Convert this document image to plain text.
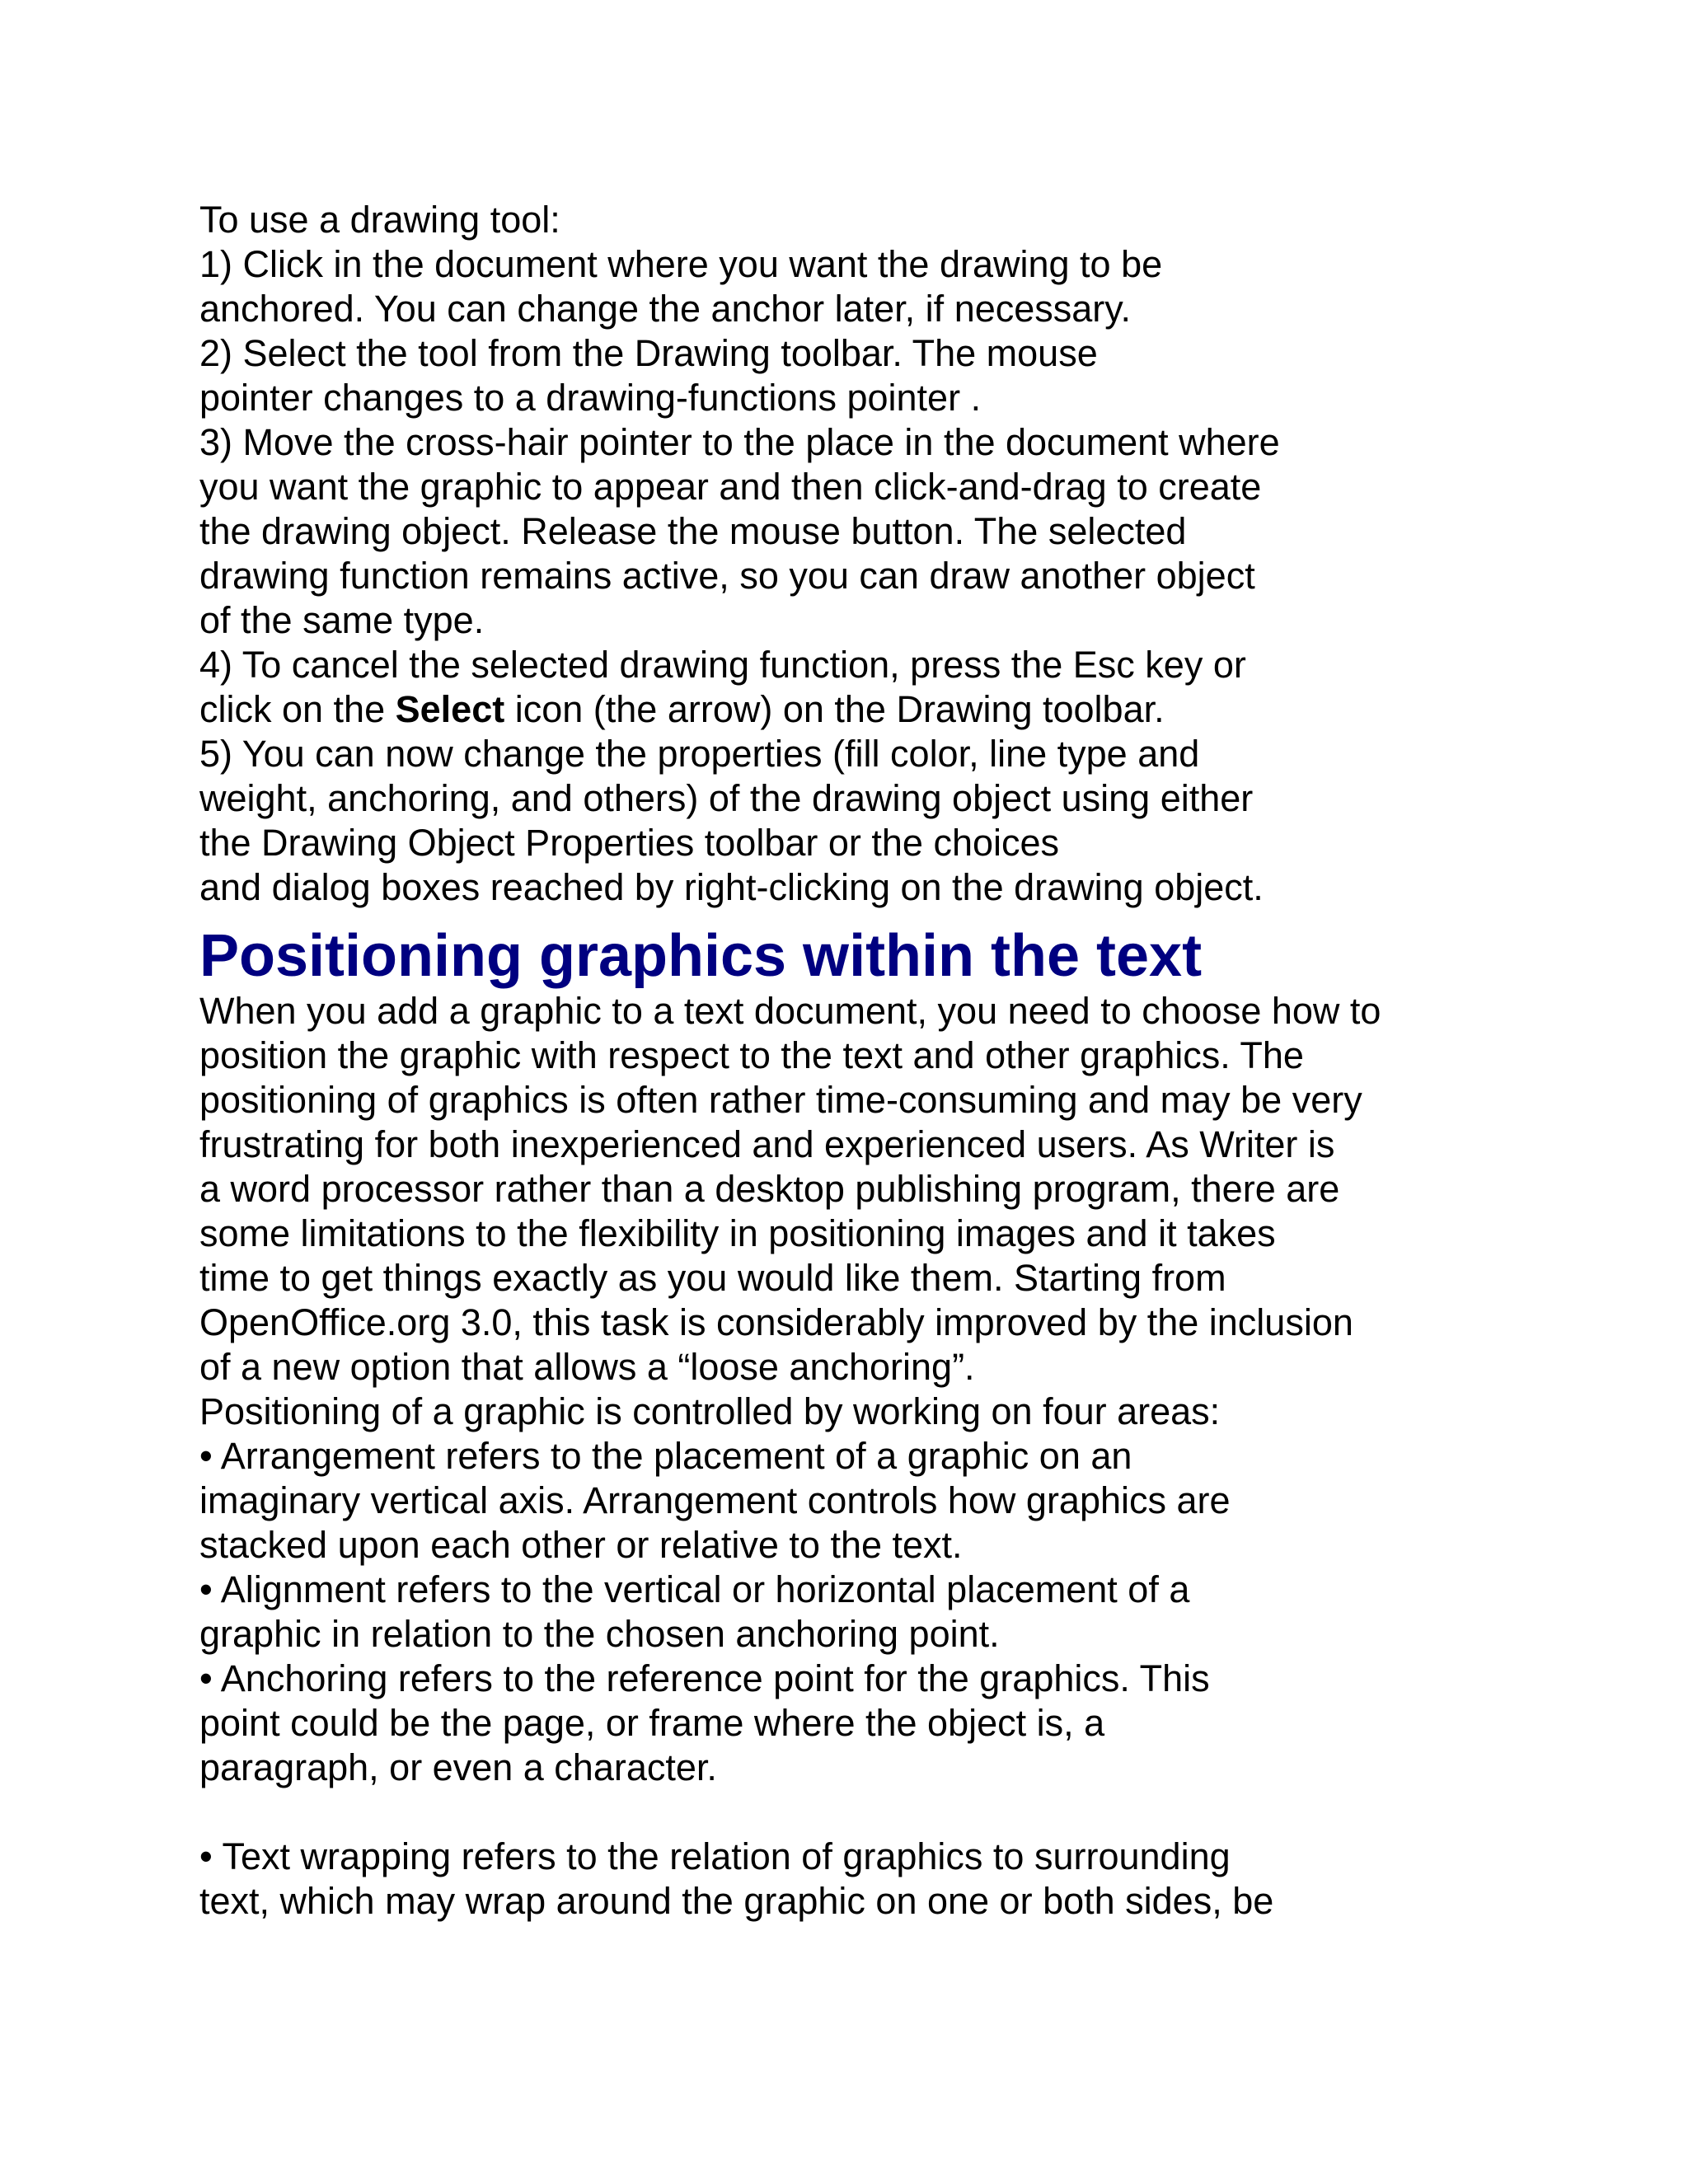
To use a drawing tool:
1) Click in the document where you want the drawing to be
anchored. You can change the anchor later, if necessary.
2) Select the tool from the Drawing toolbar. The mouse
pointer changes to a drawing-functions pointer .
3) Move the cross-hair pointer to the place in the document where
you want the graphic to appear and then click-and-drag to create
the drawing object. Release the mouse button. The selected
drawing function remains active, so you can draw another object
of the same type.
4) To cancel the selected drawing function, press the Esc key or
click on the Select icon (the arrow) on the Drawing toolbar.
5) You can now change the properties (fill color, line type and
weight, anchoring, and others) of the drawing object using either
the Drawing Object Properties toolbar or the choices
and dialog boxes reached by right-clicking on the drawing object.
Positioning graphics within the text
When you add a graphic to a text document, you need to choose how to
position the graphic with respect to the text and other graphics. The
positioning of graphics is often rather time-consuming and may be very
frustrating for both inexperienced and experienced users. As Writer is
a word processor rather than a desktop publishing program, there are
some limitations to the flexibility in positioning images and it takes
time to get things exactly as you would like them. Starting from
OpenOffice.org 3.0, this task is considerably improved by the inclusion
of a new option that allows a “loose anchoring”.
Positioning of a graphic is controlled by working on four areas:
• Arrangement refers to the placement of a graphic on an
imaginary vertical axis. Arrangement controls how graphics are
stacked upon each other or relative to the text.
• Alignment refers to the vertical or horizontal placement of a
graphic in relation to the chosen anchoring point.
• Anchoring refers to the reference point for the graphics. This
point could be the page, or frame where the object is, a
paragraph, or even a character.
• Text wrapping refers to the relation of graphics to surrounding
text, which may wrap around the graphic on one or both sides, be
